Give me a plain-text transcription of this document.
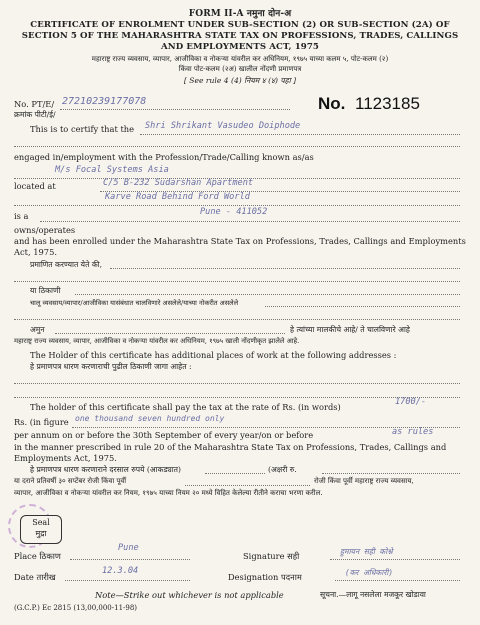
FORM II-A नमुना दोन-अ
CERTIFICATE OF ENROLMENT UNDER SUB-SECTION (2) OR SUB-SECTION (2A) OF
SECTION 5 OF THE MAHARASHTRA STATE TAX ON PROFESSIONS, TRADES, CALLINGS
AND EMPLOYMENTS ACT, 1975
महाराष्ट्र राज्य व्यवसाय, व्यापार, आजीविका व नोकऱ्या यांवरील कर अधिनियम, १९७५ याच्या कलम ५, पोट-कलम (२)
किंवा पोट-कलम (२अ) खालील नोंदणी प्रमाणपत्र
[ See rule 4 (4) नियम ४ (४) पहा ]
No. PT/E/
क्रमांक पीटी/ई/
27210239177078	No. 1123185
This is to certify that the Shri Shrikant Vasudeo Doiphode
engaged in/employment with the Profession/Trade/Calling known as/as
M/s Focal Systems Asia
located at	C/5 B-232 Sudarshan Apartment
Karve Road Behind Ford World
is a	Pune - 411052
owns/operates
and has been enrolled under the Maharashtra State Tax on Professions, Trades, Callings and Employments
Act, 1975.
प्रमाणित करण्यात येते की,
या ठिकाणी
चालू व्यवसाय/व्यापार/आजीविका यासंबंधात चालविणारे असलेले/याच्या नोकरीत असलेले
अमुन	हे त्यांच्या मालकीचे आहे/ ते चालविणारे आहे
महाराष्ट्र राज्य व्यवसाय, व्यापार, आजीविका व नोकऱ्या यांवरील कर अधिनियम, १९७५ खाली नोंदणीकृत झालेले आहे.
The Holder of this certificate has additional places of work at the following addresses :
हे प्रमाणपत्र धारण करणाराची पुढील ठिकाणी जागा आहेत :
The holder of this certificate shall pay the tax at the rate of Rs. (in words)	1700/-
Rs. (in figure one thousand seven hundred only
per annum on or before the 30th September of every year/on or before	as rules
in the manner prescribed in rule 20 of the Maharashtra State Tax on Professions, Trades, Callings and
Employments Act, 1975.
हे प्रमाणपत्र धारण करणाराने दरसाल रुपये (आकड्यात)	(अक्षरी रु.
या दराने प्रतिवर्षी ३० सप्टेंबर रोजी किंवा पूर्वी	रोजी किंवा पूर्वी महाराष्ट्र राज्य व्यवसाय,
व्यापार, आजीविका व नोकऱ्या यांवरील कर नियम, १९७५ याच्या नियम २० मध्ये विहित केलेल्या रीतीने कराचा भरणा करील.
Seal
मुद्रा
Place ठिकाण
Pune
Date तारीख
12.3.04
Signature सही	हुमायन सही कोश्ने
Designation पदनाम	(कर अधिकारी)
Note—Strike out whichever is not applicable	सूचना.—लागू नसलेला मजकूर खोडावा
(G.C.P.) Ec 2815 (13,00,000-11-98)
